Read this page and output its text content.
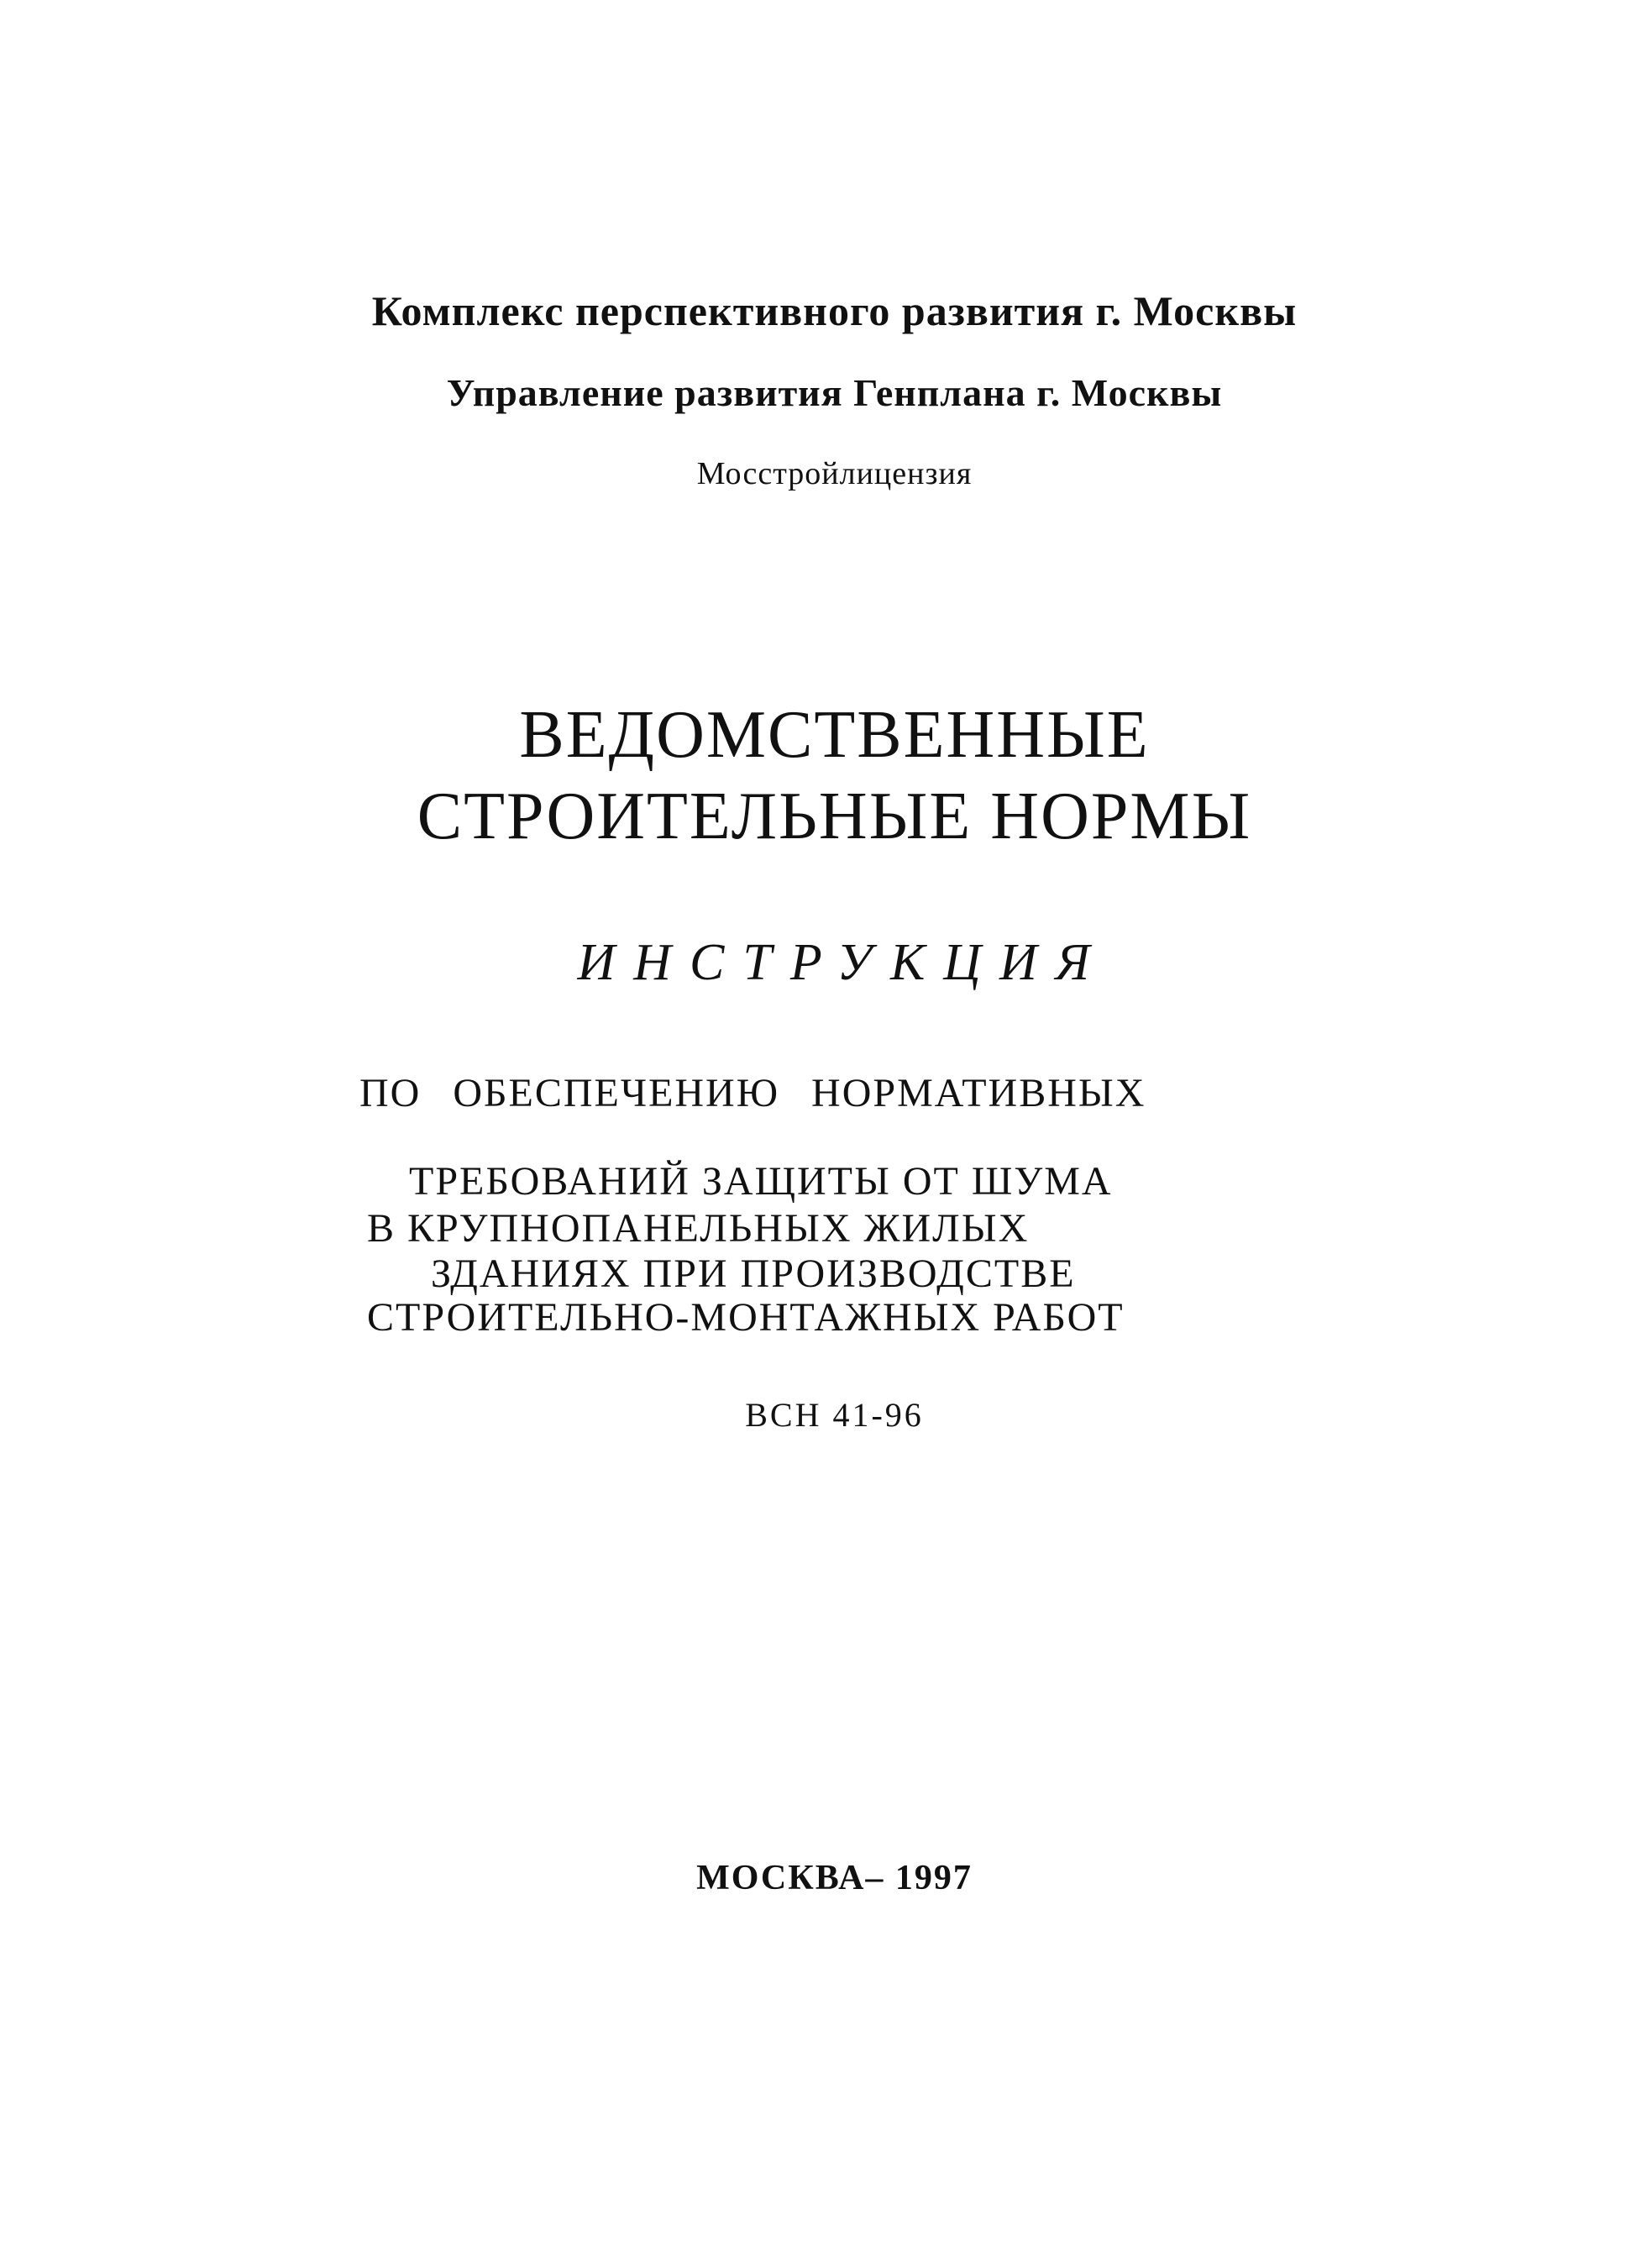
Комплекс перспективного развития г. Москвы
Управление развития Генплана г. Москвы
Мосстройлицензия
ВЕДОМСТВЕННЫЕ
СТРОИТЕЛЬНЫЕ НОРМЫ
ИНСТРУКЦИЯ
ПО ОБЕСПЕЧЕНИЮ НОРМАТИВНЫХ
ТРЕБОВАНИЙ ЗАЩИТЫ ОТ ШУМА
В КРУПНОПАНЕЛЬНЫХ ЖИЛЫХ
ЗДАНИЯХ ПРИ ПРОИЗВОДСТВЕ
СТРОИТЕЛЬНО-МОНТАЖНЫХ РАБОТ
ВСН 41-96
МОСКВА– 1997
